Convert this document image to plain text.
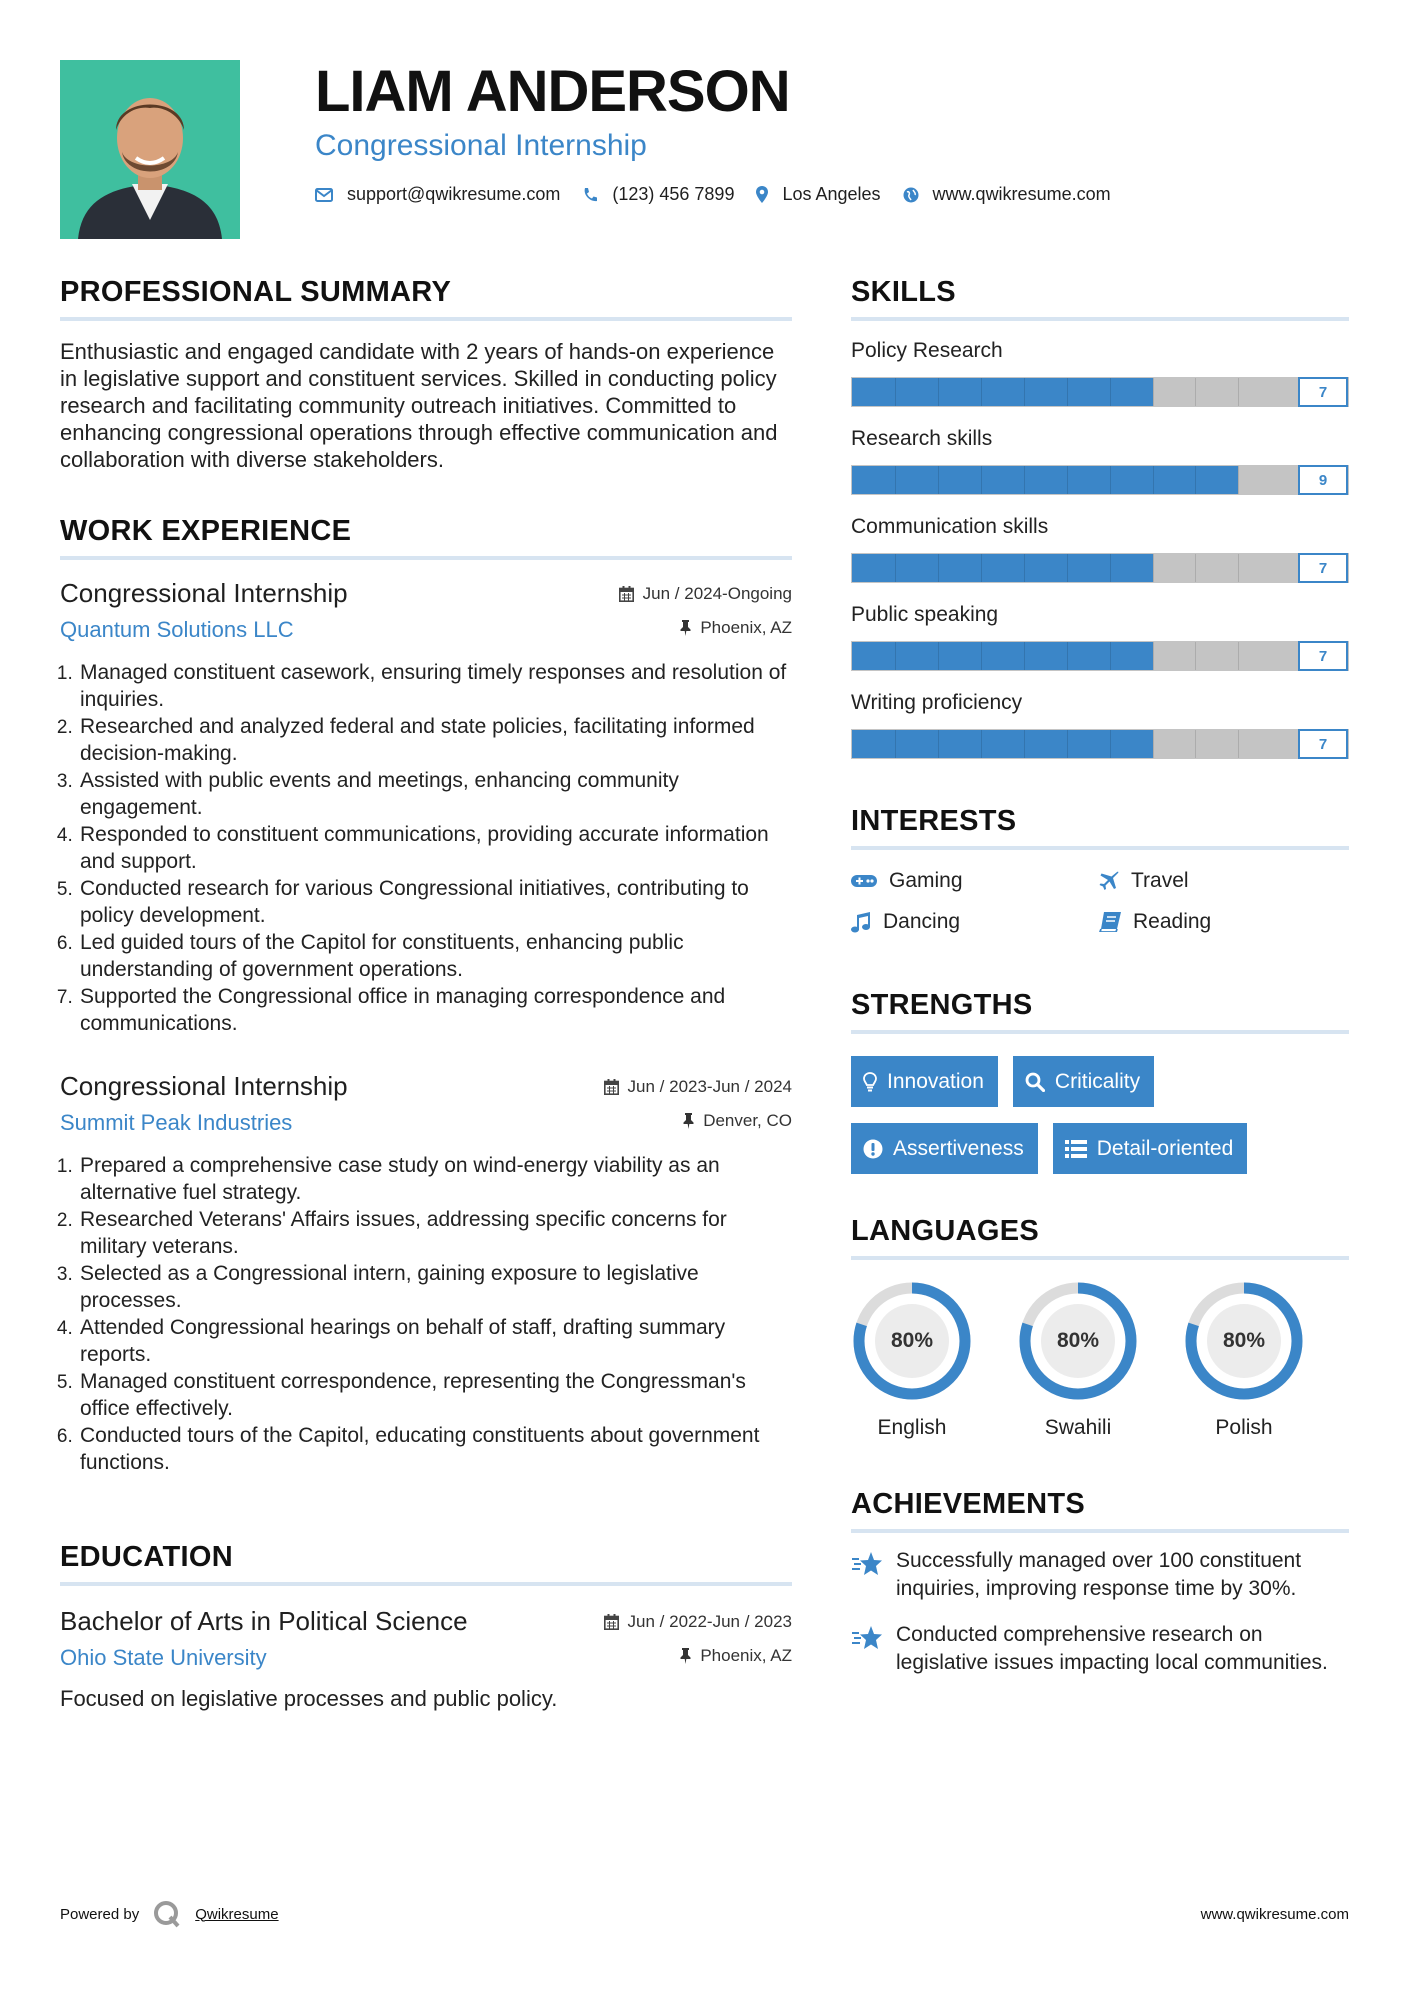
LIAM ANDERSON
Congressional Internship
support@qwikresume.com	(123) 456 7899	Los Angeles	www.qwikresume.com
PROFESSIONAL SUMMARY
Enthusiastic and engaged candidate with 2 years of hands-on experience in legislative support and constituent services. Skilled in conducting policy research and facilitating community outreach initiatives. Committed to enhancing congressional operations through effective communication and collaboration with diverse stakeholders.
WORK EXPERIENCE
Congressional Internship
Quantum Solutions LLC
Jun / 2024-Ongoing
Phoenix, AZ
1. Managed constituent casework, ensuring timely responses and resolution of inquiries.
2. Researched and analyzed federal and state policies, facilitating informed decision-making.
3. Assisted with public events and meetings, enhancing community engagement.
4. Responded to constituent communications, providing accurate information and support.
5. Conducted research for various Congressional initiatives, contributing to policy development.
6. Led guided tours of the Capitol for constituents, enhancing public understanding of government operations.
7. Supported the Congressional office in managing correspondence and communications.
Congressional Internship
Summit Peak Industries
Jun / 2023-Jun / 2024
Denver, CO
1. Prepared a comprehensive case study on wind-energy viability as an alternative fuel strategy.
2. Researched Veterans' Affairs issues, addressing specific concerns for military veterans.
3. Selected as a Congressional intern, gaining exposure to legislative processes.
4. Attended Congressional hearings on behalf of staff, drafting summary reports.
5. Managed constituent correspondence, representing the Congressman's office effectively.
6. Conducted tours of the Capitol, educating constituents about government functions.
EDUCATION
Bachelor of Arts in Political Science
Ohio State University
Jun / 2022-Jun / 2023
Phoenix, AZ
Focused on legislative processes and public policy.
SKILLS
Policy Research
7
Research skills
9
Communication skills
7
Public speaking
7
Writing proficiency
7
INTERESTS
Gaming	Travel
Dancing	Reading
STRENGTHS
Innovation	Criticality
Assertiveness	Detail-oriented
LANGUAGES
80%
English
80%
Swahili
80%
Polish
ACHIEVEMENTS
Successfully managed over 100 constituent inquiries, improving response time by 30%.
Conducted comprehensive research on legislative issues impacting local communities.
Powered by	Qwikresume	www.qwikresume.com
